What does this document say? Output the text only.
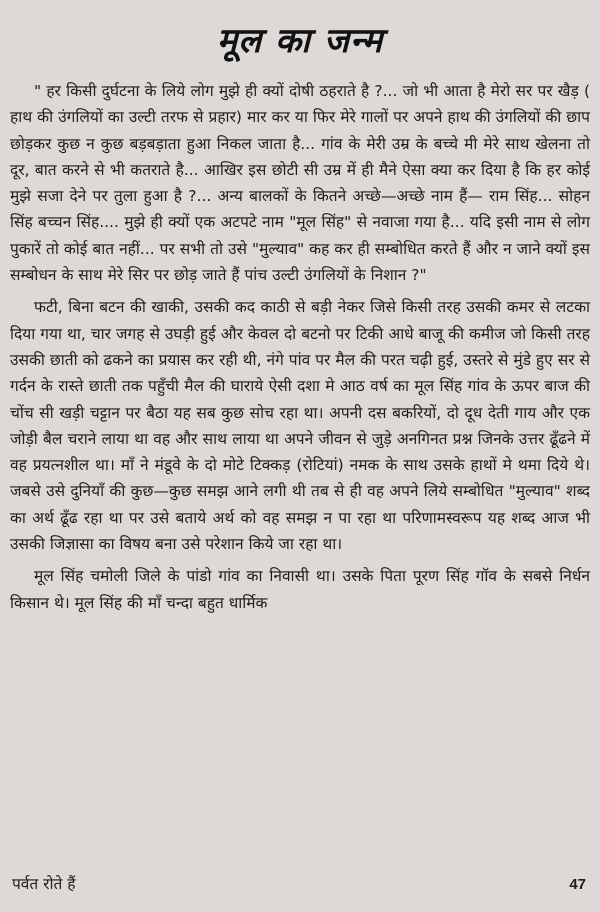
मूल का जन्म

" हर किसी दुर्घटना के लिये लोग मुझे ही क्यों दोषी ठहराते है ?... जो भी आता है मेरो सर पर खैड़ ( हाथ की उंगलियों का उल्टी तरफ से प्रहार) मार कर या फिर मेरे गालों पर अपने हाथ की उंगलियों की छाप छोड़कर कुछ न कुछ बड़बड़ाता हुआ निकल जाता है... गांव के मेरी उम्र के बच्चे मी मेरे साथ खेलना तो दूर, बात करने से भी कतराते है... आखिर इस छोटी सी उम्र में ही मैने ऐसा क्या कर दिया है कि हर कोई मुझे सजा देने पर तुला हुआ है ?... अन्य बालकों के कितने अच्छे—अच्छे नाम हैं— राम सिंह... सोहन सिंह बच्चन सिंह.... मुझे ही क्यों एक अटपटे नाम "मूल सिंह" से नवाजा गया है... यदि इसी नाम से लोग पुकारें तो कोई बात नहीं... पर सभी तो उसे "मुल्याव" कह कर ही सम्बोधित करते हैं और न जाने क्यों इस सम्बोधन के साथ मेरे सिर पर छोड़ जाते हैं पांच उल्टी उंगलियों के निशान ?"

फटी, बिना बटन की खाकी, उसकी कद काठी से बड़ी नेकर जिसे किसी तरह उसकी कमर से लटका दिया गया था, चार जगह से उघड़ी हुई और केवल दो बटनो पर टिकी आधे बाजू की कमीज जो किसी तरह उसकी छाती को ढकने का प्रयास कर रही थी, नंगे पांव पर मैल की परत चढ़ी हुई, उस्तरे से मुंडे हुए सर से गर्दन के रास्ते छाती तक पहुँची मैल की घाराये ऐसी दशा मे आठ वर्ष का मूल सिंह गांव के ऊपर बाज की चोंच सी खड़ी चट्टान पर बैठा यह सब कुछ सोच रहा था। अपनी दस बकरियों, दो दूध देती गाय और एक जोड़ी बैल चराने लाया था वह और साथ लाया था अपने जीवन से जुड़े अनगिनत प्रश्न जिनके उत्तर ढूँढने में वह प्रयत्नशील था। माँ ने मंडूवे के दो मोटे टिक्कड़ (रोटियां) नमक के साथ उसके हाथों मे थमा दिये थे। जबसे उसे दुनियाँ की कुछ—कुछ समझ आने लगी थी तब से ही वह अपने लिये सम्बोधित "मुल्याव" शब्द का अर्थ ढूँढ रहा था पर उसे बताये अर्थ को वह समझ न पा रहा था परिणामस्वरूप यह शब्द आज भी उसकी जिज्ञासा का विषय बना उसे परेशान किये जा रहा था।

मूल सिंह चमोली जिले के पांडो गांव का निवासी था। उसके पिता पूरण सिंह गॉव के सबसे निर्धन किसान थे। मूल सिंह की माँ चन्दा बहुत धार्मिक

पर्वत रोते हैं	47
